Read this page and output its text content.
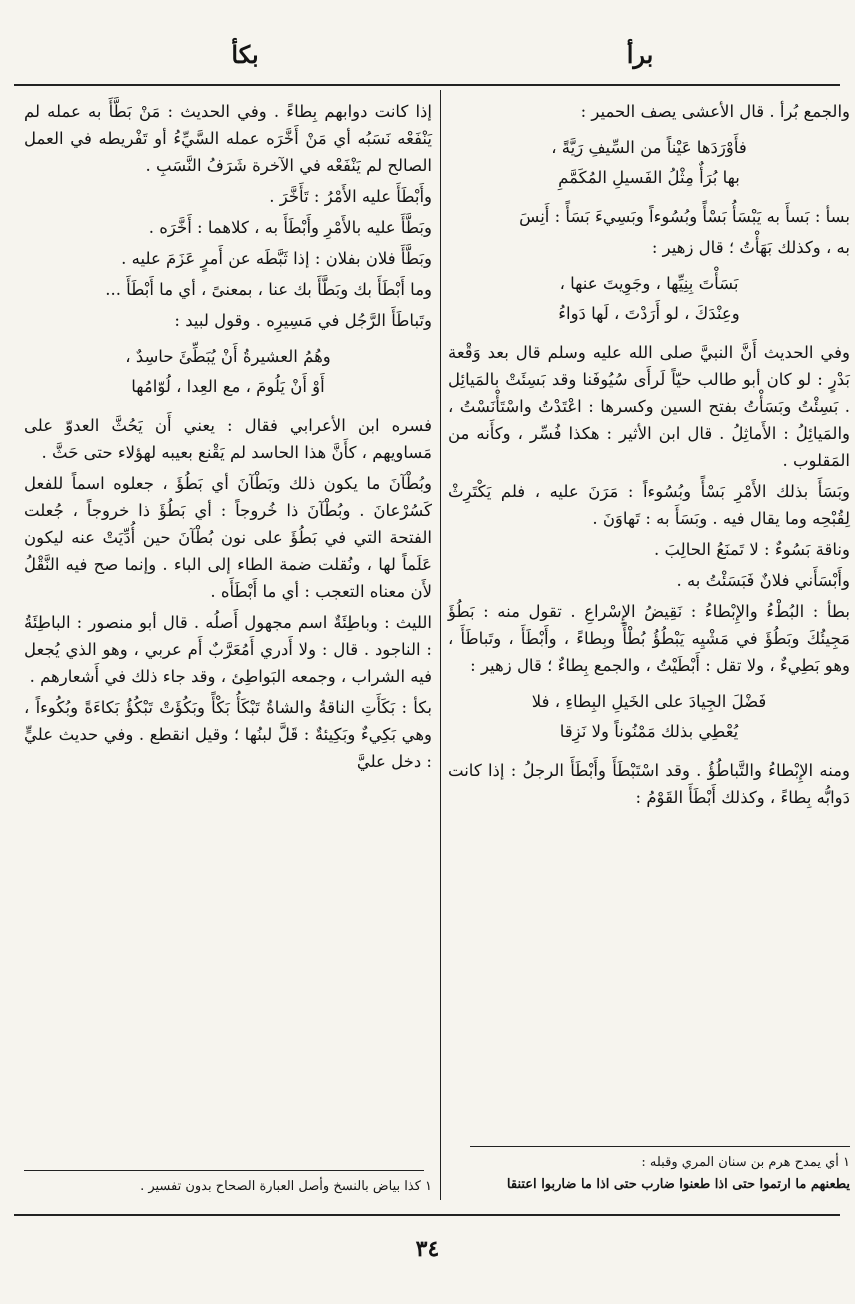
برأ
بكأ

والجمع بُرأ . قال الأعشى يصف الحمير :

فأَوْرَدَها عَيْناً من السِّيفِ رَيَّةً ،
بها بُرَأٌ مِثْلُ الفَسيلِ المُكَمَّمِ

بسأ : بَسأَ به يَبْسَأُ بَسْأً وبُسُوءاً وبَسِيءَ بَسَأً : أَنِسَ

به ، وكذلك بَهَأْتُ ؛ قال زهير :

بَسَأْتَ بِنِيِّها ، وجَوِيتَ عنها ،
وعِنْدَكَ ، لو أَرَدْتَ ، لَها دَواءُ

وفي الحديث أَنَّ النبيَّ صلى الله عليه وسلم قال بعد وَقْعة بَدْرٍ : لو كان أبو طالب حيّاً لَرأَى سُيُوفَنا وقد بَسِئَتْ بالمَيائِل . بَسِئْتُ وبَسَأْتُ بفتح السين وكسرها : اعْتَدْتُ واسْتَأْنَسْتُ ، والمَيائِلُ : الأَماثِلُ . قال ابن الأثير : هكذا فُسِّر ، وكأَنه من المَقلوب .

وبَسَأَ بذلك الأَمْرِ بَسْأً وبُسُوءاً : مَرَنَ عليه ، فلم يَكْتَرِثْ لِقُبْحِه وما يقال فيه . وبَسَأَ به : تَهاوَنَ .

وناقة بَسُوءٌ : لا تَمنَعُ الحالِبَ .

وأَبْسَأَني فلانٌ فَبَسَئْتُ به .

بطأ : البُطْءُ والإِبْطاءُ : نَقِيضُ الإِسْراعِ . تقول منه : بَطُؤَ مَجِيئُكَ وبَطُؤَ في مَشْيِه يَبْطُؤُ بُطْأً وبِطاءً ، وأَبْطَأَ ، وتَباطَأَ ، وهو بَطِيءٌ ، ولا تقل : أَبْطَيْتُ ، والجمع بِطاءٌ ؛ قال زهير :

فَضْلَ الجِيادَ على الخَيلِ البِطاءِ ، فلا
يُعْطِي بذلك مَمْنُوناً ولا نَزِقا

ومنه الإِبْطاءُ والتَّباطُؤُ . وقد اسْتَبْطَأَ وأَبْطَأَ الرجلُ : إذا كانت دَوابُّه بِطاءً ، وكذلك أَبْطَأَ القَوْمُ :

إذا كانت دوابهم بِطاءً . وفي الحديث : مَنْ بَطَّأَ به عمله لم يَنْفَعْه نَسَبُه أي مَنْ أَخَّرَه عمله السَّيِّءُ أو تَفْريطه في العمل الصالح لم يَنْفَعْه في الآخرة شَرَفُ النَّسَبِ .

وأَبْطَأَ عليه الأَمْرُ : تَأَخَّرَ .

وبَطَّأَ عليه بالأَمْرِ وأَبْطَأَ به ، كلاهما : أَخَّرَه .

وبَطَّأَ فلان بفلان : إذا ثَبَّطَه عن أَمرٍ عَزَمَ عليه .

وما أَبْطَأَ بك وبَطَّأَ بك عنا ، بمعنىً ، أي ما أَبْطَأَ ...

وتَباطَأَ الرَّجُل في مَسِيرِه . وقول لبيد :

وهُمُ العشيرةُ أَنْ يُبَطِّئَ حاسِدٌ ،
أَوْ أَنْ يَلُومَ ، مع العِدا ، لُوّامُها

فسره ابن الأعرابي فقال : يعني أَن يَحُثَّ العدوّ على مَساويهم ، كأَنَّ هذا الحاسد لم يَقْنع بعيبه لهؤلاء حتى حَثَّ .

وبُطْآنَ ما يكون ذلك وبَطْآنَ أي بَطُؤَ ، جعلوه اسماً للفعل كَسُرْعانَ . وبُطْآنَ ذا خُروجاً : أي بَطُؤَ ذا خروجاً ، جُعلت الفتحة التي في بَطُؤَ على نون بُطْآنَ حين أُدِّيَتْ عنه ليكون عَلَماً لها ، ونُقلت ضمة الطاء إلى الباء . وإنما صح فيه النَّقْلُ لأَن معناه التعجب : أي ما أَبْطَأَه .

الليث : وباطِئَةٌ اسم مجهول أَصلُه . قال أبو منصور : الباطِئَةُ : الناجود . قال : ولا أَدري أَمُعَرَّبٌ أَم عربي ، وهو الذي يُجعل فيه الشراب ، وجمعه البَواطِئ ، وقد جاء ذلك في أَشعارهم .

بكأ : بَكَأَتِ الناقةُ والشاةُ تَبْكَأُ بَكْأً وبَكُؤَتْ تَبْكُؤُ بَكاءَةً وبُكُوءاً ، وهي بَكِيءٌ وبَكِيئةٌ : قَلَّ لبنُها ؛ وقيل انقطع . وفي حديث عليٍّ : دخل عليَّ

١ أي يمدح هرم بن سنان المري وقبله :
يطعنهم ما ارتموا حتى اذا طعنوا ضارب حتى اذا ما ضاربوا اعتنقا
١ كذا بياض بالنسخ وأصل العبارة الصحاح بدون تفسير .
٣٤
